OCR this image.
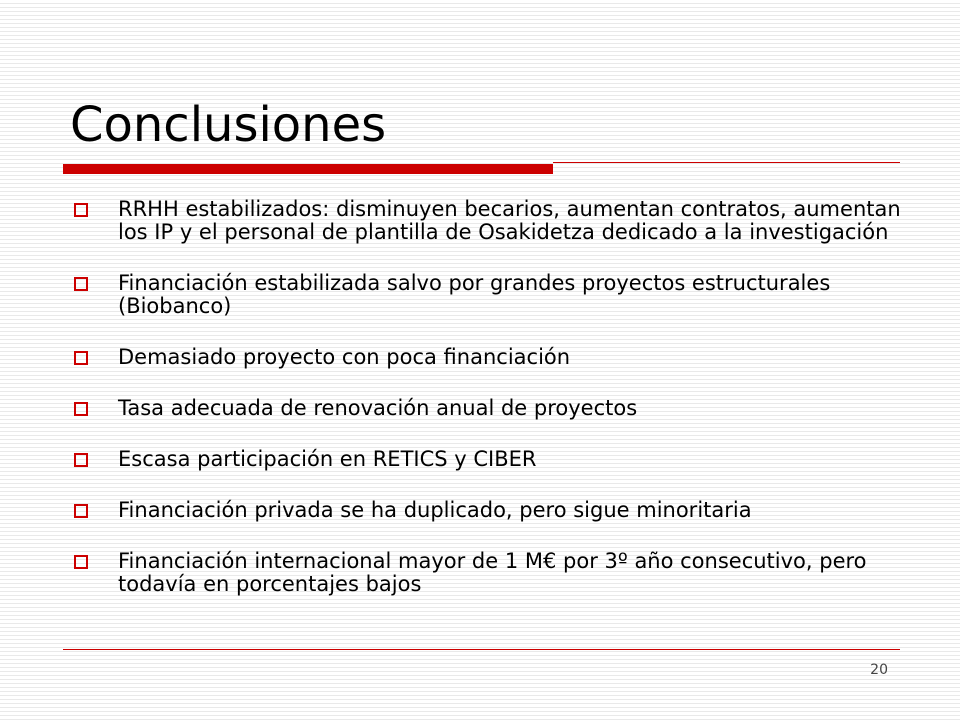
Conclusiones
RRHH estabilizados: disminuyen becarios, aumentan contratos, aumentan los IP y el personal de plantilla de Osakidetza dedicado a la investigación
Financiación estabilizada salvo por grandes proyectos estructurales (Biobanco)
Demasiado proyecto con poca financiación
Tasa adecuada de renovación anual de proyectos
Escasa participación en RETICS y CIBER
Financiación privada se ha duplicado, pero sigue minoritaria
Financiación internacional mayor de 1 M€ por 3º año consecutivo, pero todavía en porcentajes bajos
20
